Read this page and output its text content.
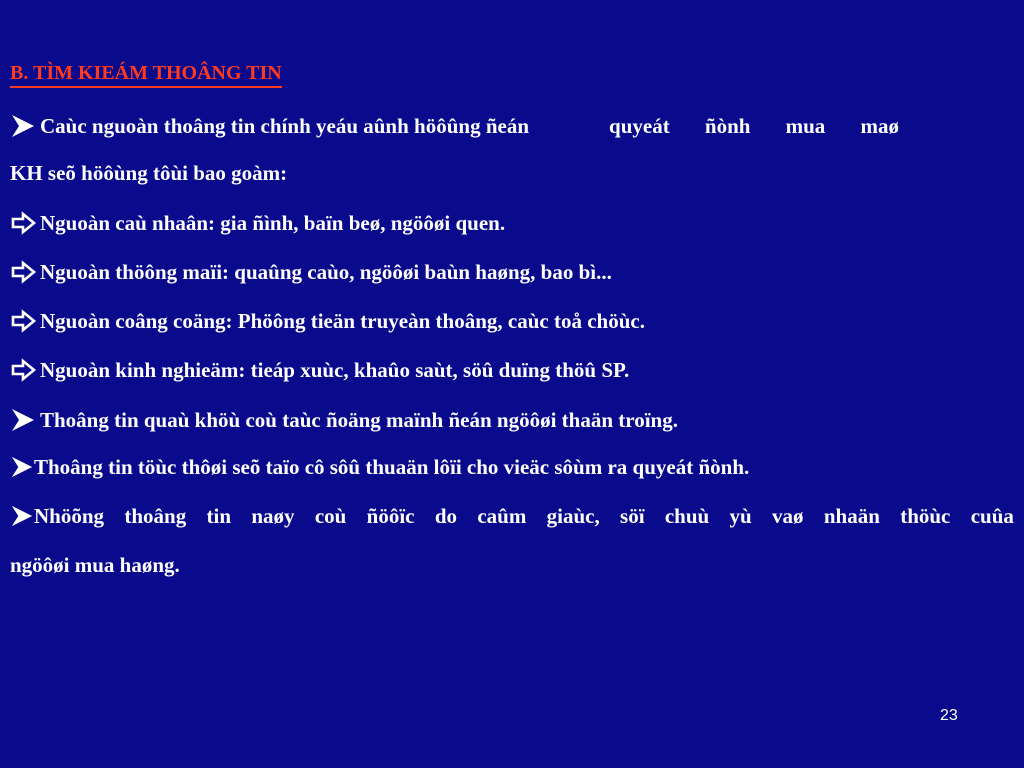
B. TÌM KIEÁM THOÂNG TIN
Caùc nguoàn thoâng tin chính yeáu aûnh höôûng ñeán	quyeát ñònh mua maø
KH seõ höôùng tôùi bao goàm:
Nguoàn caù nhaân: gia ñình, baïn beø, ngöôøi quen.
Nguoàn thöông maïi: quaûng caùo, ngöôøi baùn haøng, bao bì...
Nguoàn coâng coäng: Phöông tieän truyeàn thoâng, caùc toå chöùc.
Nguoàn kinh nghieäm: tieáp xuùc, khaûo saùt, söû duïng thöû SP.
Thoâng tin quaù khöù coù taùc ñoäng maïnh ñeán ngöôøi thaän troïng.
Thoâng tin töùc thôøi seõ taïo cô sôû thuaän lôïi cho vieäc sôùm ra quyeát ñònh.
Nhöõng thoâng tin naøy coù ñöôïc do caûm giaùc, söï chuù yù vaø nhaän thöùc cuûa
ngöôøi mua haøng.
23
